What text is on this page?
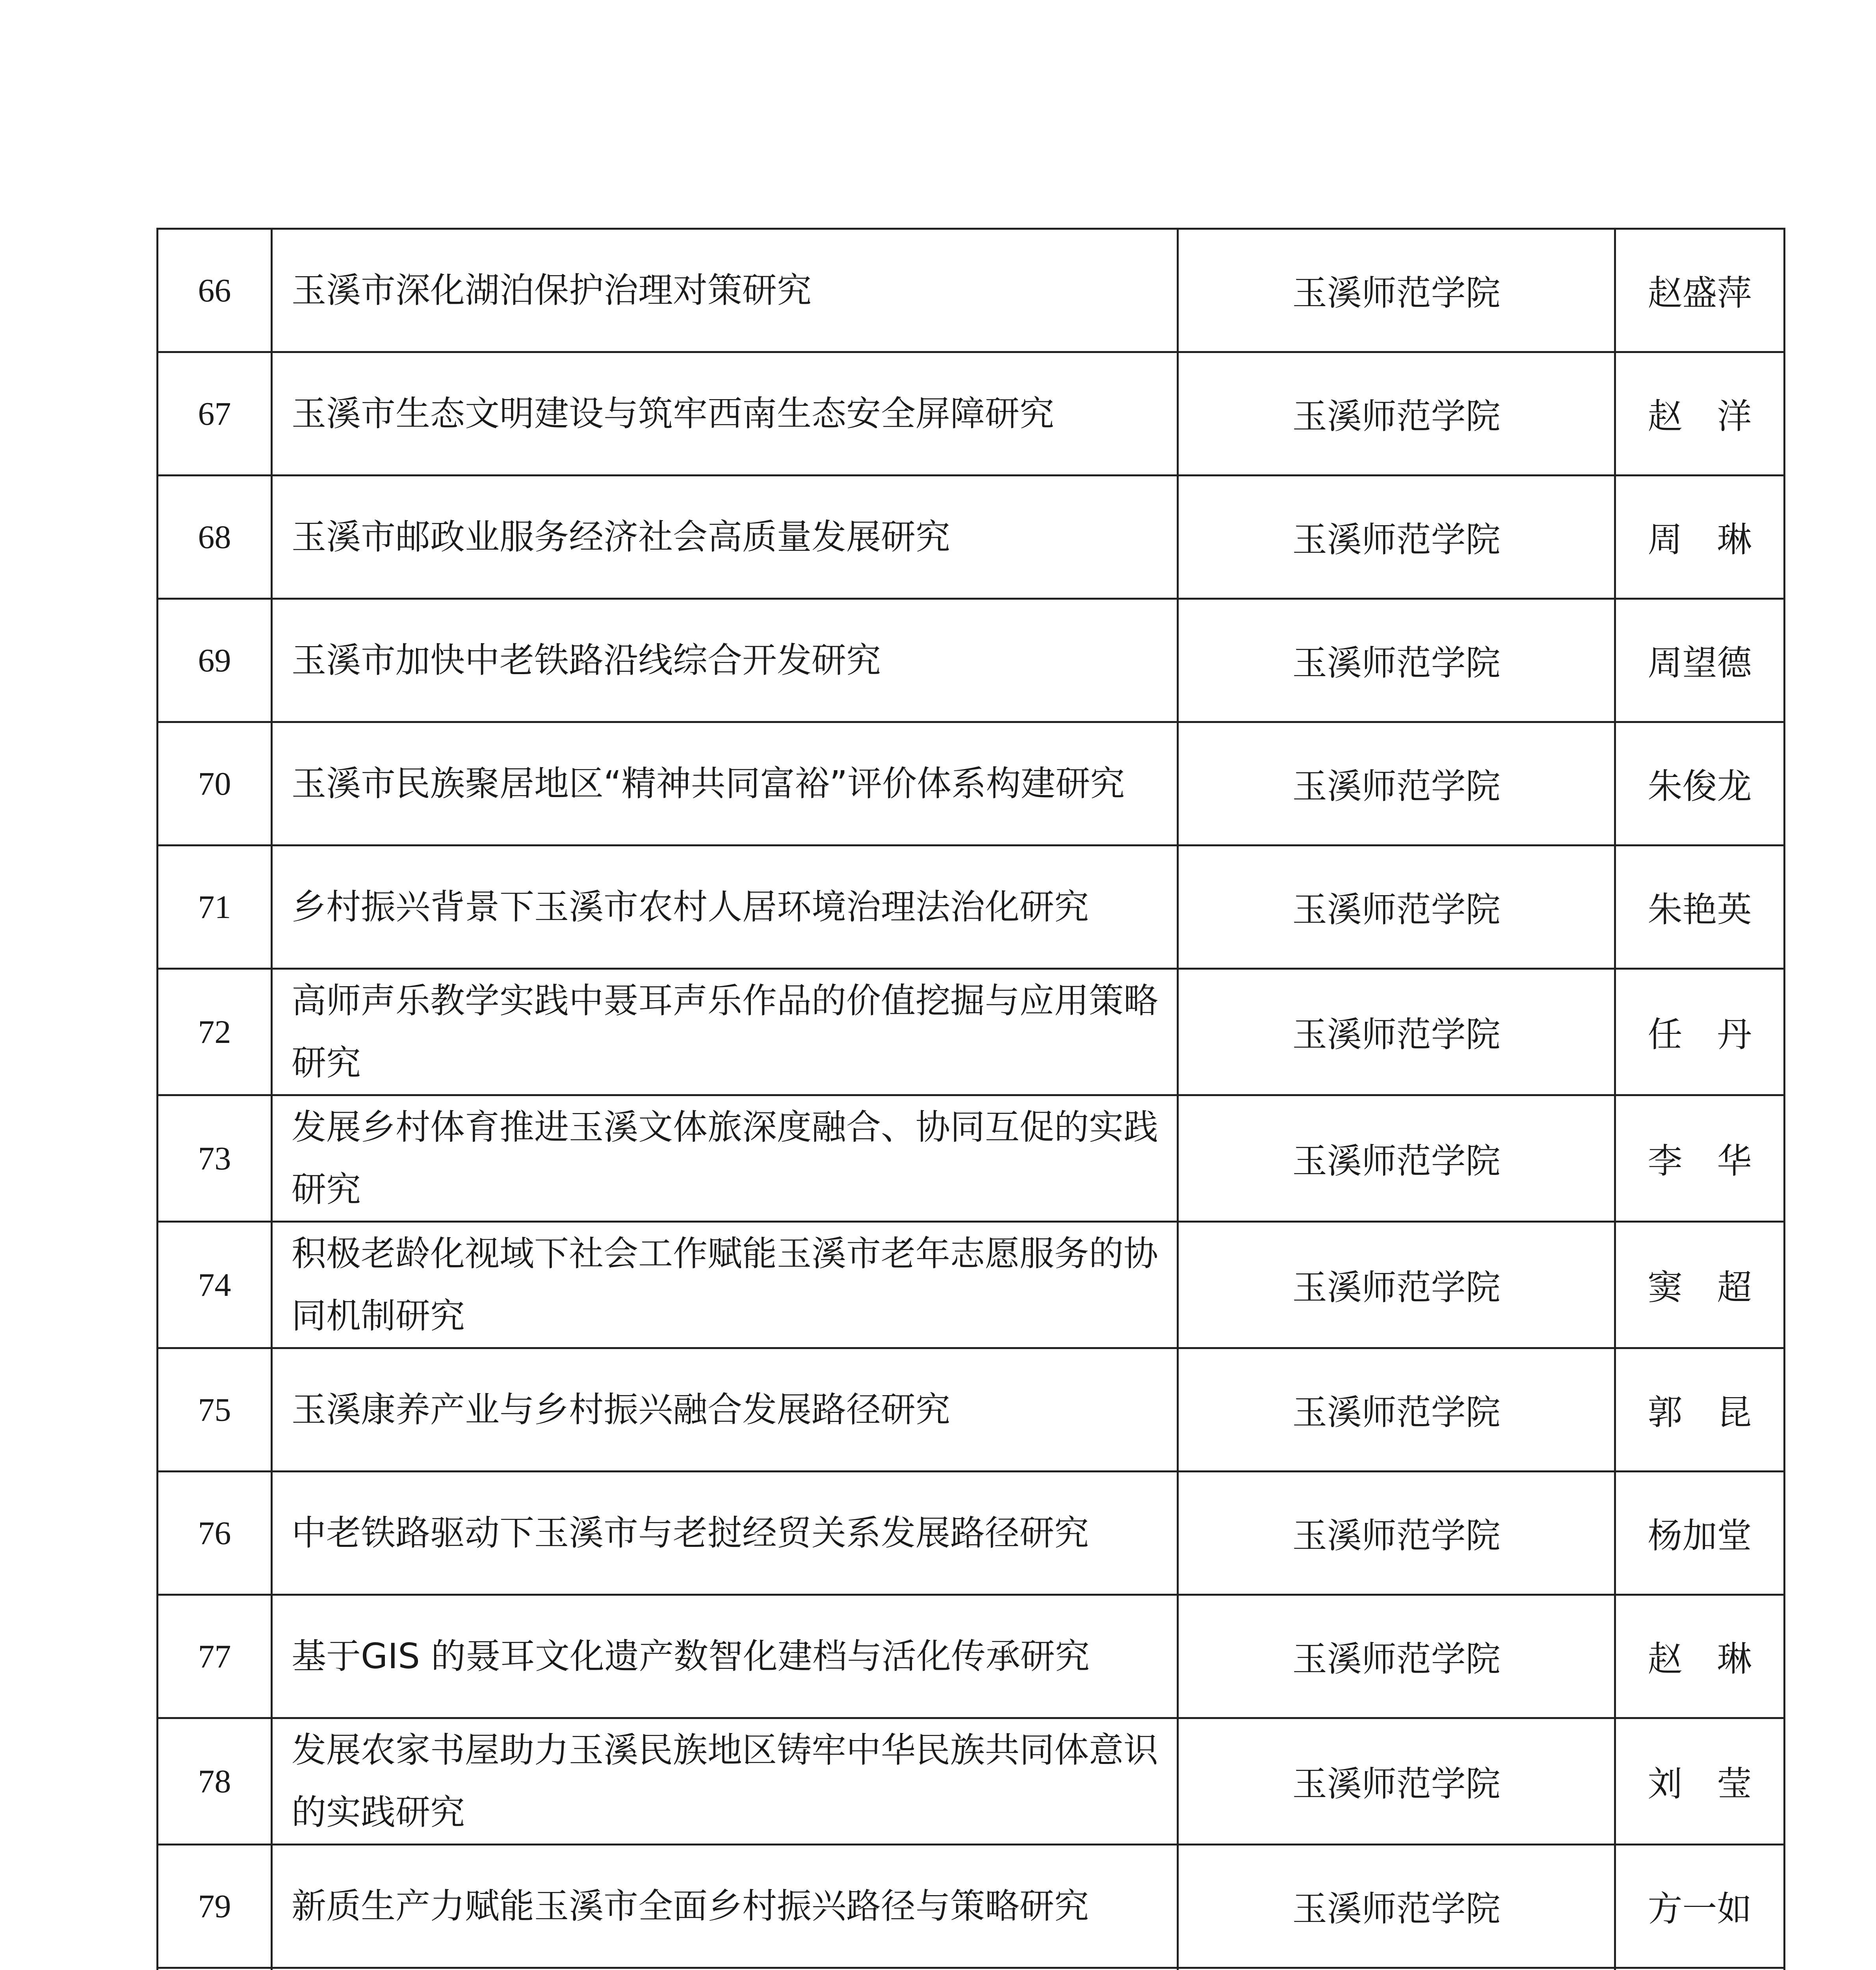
66	玉溪市深化湖泊保护治理对策研究	玉溪师范学院	赵盛萍
67	玉溪市生态文明建设与筑牢西南生态安全屏障研究	玉溪师范学院	赵　洋
68	玉溪市邮政业服务经济社会高质量发展研究	玉溪师范学院	周　琳
69	玉溪市加快中老铁路沿线综合开发研究	玉溪师范学院	周望德
70	玉溪市民族聚居地区“精神共同富裕”评价体系构建研究	玉溪师范学院	朱俊龙
71	乡村振兴背景下玉溪市农村人居环境治理法治化研究	玉溪师范学院	朱艳英
72	高师声乐教学实践中聂耳声乐作品的价值挖掘与应用策略研究	玉溪师范学院	任　丹
73	发展乡村体育推进玉溪文体旅深度融合、协同互促的实践研究	玉溪师范学院	李　华
74	积极老龄化视域下社会工作赋能玉溪市老年志愿服务的协同机制研究	玉溪师范学院	窦　超
75	玉溪康养产业与乡村振兴融合发展路径研究	玉溪师范学院	郭　昆
76	中老铁路驱动下玉溪市与老挝经贸关系发展路径研究	玉溪师范学院	杨加堂
77	基于GIS 的聂耳文化遗产数智化建档与活化传承研究	玉溪师范学院	赵　琳
78	发展农家书屋助力玉溪民族地区铸牢中华民族共同体意识的实践研究	玉溪师范学院	刘　莹
79	新质生产力赋能玉溪市全面乡村振兴路径与策略研究	玉溪师范学院	方一如
